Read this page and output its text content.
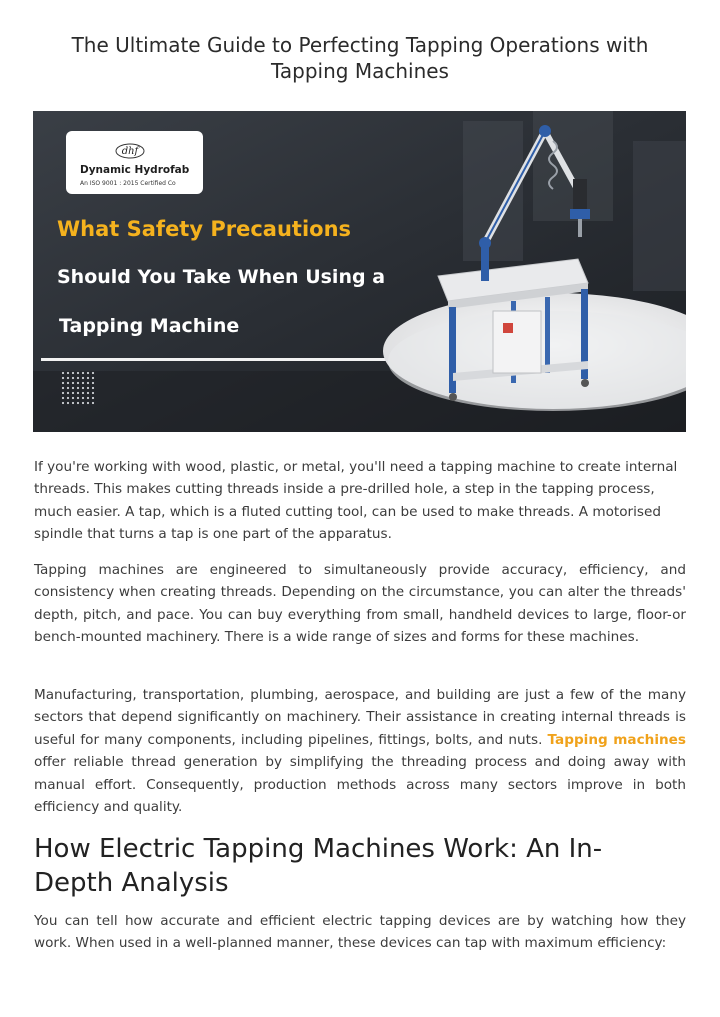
The Ultimate Guide to Perfecting Tapping Operations with Tapping Machines
dhf
Dynamic Hydrofab
An ISO 9001 : 2015 Certified Co
What Safety Precautions
Should You Take When Using a
Tapping Machine

If you're working with wood, plastic, or metal, you'll need a tapping machine to create internal threads. This makes cutting threads inside a pre-drilled hole, a step in the tapping process, much easier. A tap, which is a fluted cutting tool, can be used to make threads. A motorised spindle that turns a tap is one part of the apparatus.

Tapping machines are engineered to simultaneously provide accuracy, efficiency, and consistency when creating threads. Depending on the circumstance, you can alter the threads' depth, pitch, and pace. You can buy everything from small, handheld devices to large, floor-or bench-mounted machinery. There is a wide range of sizes and forms for these machines.

Manufacturing, transportation, plumbing, aerospace, and building are just a few of the many sectors that depend significantly on machinery. Their assistance in creating internal threads is useful for many components, including pipelines, fittings, bolts, and nuts. Tapping machines offer reliable thread generation by simplifying the threading process and doing away with manual effort. Consequently, production methods across many sectors improve in both efficiency and quality.

How Electric Tapping Machines Work: An In-Depth Analysis

You can tell how accurate and efficient electric tapping devices are by watching how they work. When used in a well-planned manner, these devices can tap with maximum efficiency:
